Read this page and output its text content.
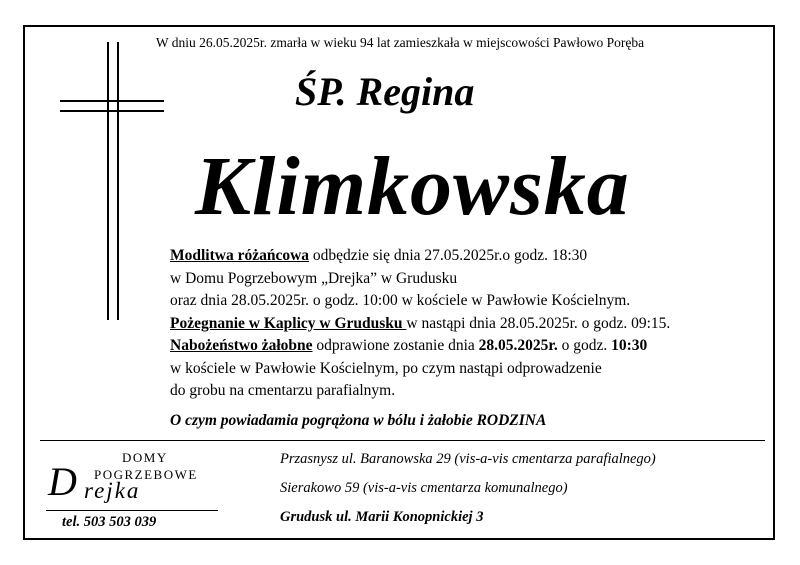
W dniu 26.05.2025r. zmarła w wieku 94 lat zamieszkała w miejscowości Pawłowo Poręba
ŚP. Regina
Klimkowska
Modlitwa różańcowa odbędzie się dnia 27.05.2025r.o godz. 18:30
w Domu Pogrzebowym „Drejka” w Grudusku
oraz dnia 28.05.2025r. o godz. 10:00 w kościele w Pawłowie Kościelnym.
Pożegnanie w Kaplicy w Grudusku w nastąpi dnia 28.05.2025r. o godz. 09:15.
Nabożeństwo żałobne odprawione zostanie dnia 28.05.2025r. o godz. 10:30
w kościele w Pawłowie Kościelnym, po czym nastąpi odprowadzenie
do grobu na cmentarzu parafialnym.
O czym powiadamia pogrążona w bólu i żałobie RODZINA
DOMY
POGRZEBOWE
D rejka
tel. 503 503 039
Przasnysz ul. Baranowska 29 (vis-a-vis cmentarza parafialnego)
Sierakowo 59 (vis-a-vis cmentarza komunalnego)
Grudusk ul. Marii Konopnickiej 3
